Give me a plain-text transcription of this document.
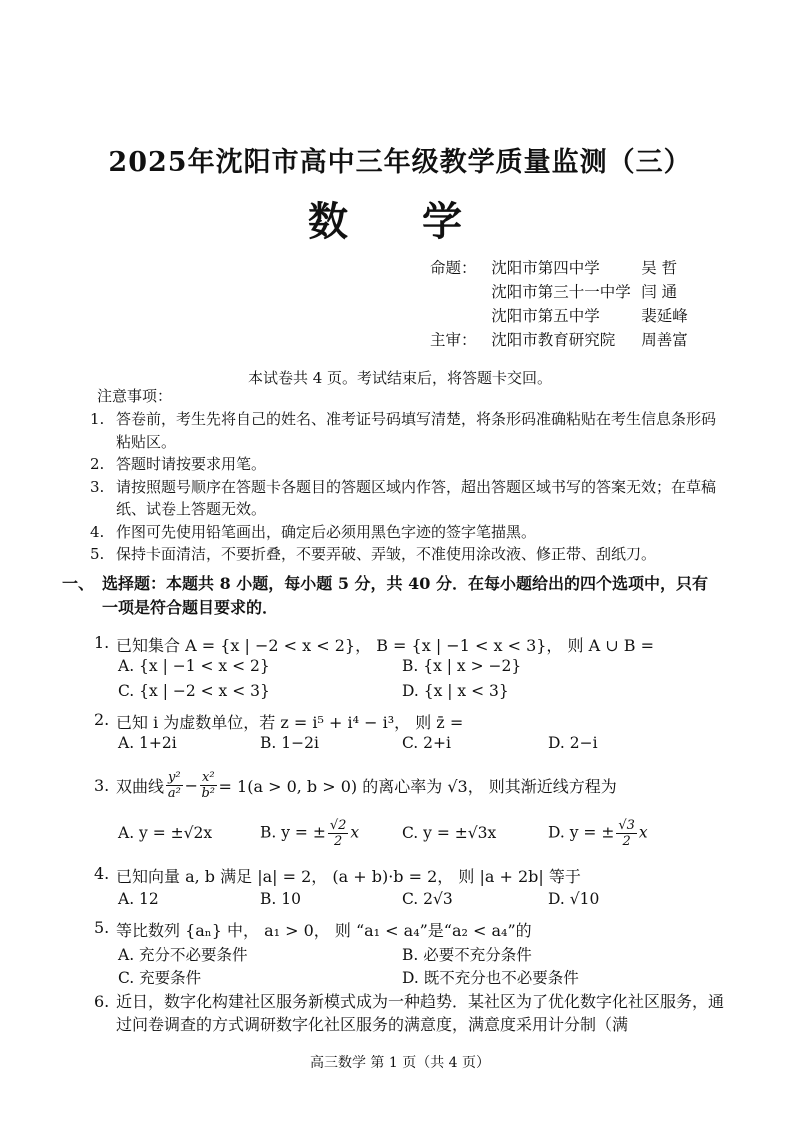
2025年沈阳市高中三年级教学质量监测（三）
数 学
命题： 沈阳市第四中学	吴 哲
沈阳市第三十一中学 闫 通
沈阳市第五中学	裴延峰
主审： 沈阳市教育研究院	周善富
本试卷共 4 页。考试结束后，将答题卡交回。
注意事项：
1. 答卷前，考生先将自己的姓名、准考证号码填写清楚，将条形码准确粘贴在考生信息条形码粘贴区。
2. 答题时请按要求用笔。
3. 请按照题号顺序在答题卡各题目的答题区域内作答，超出答题区域书写的答案无效；在草稿纸、试卷上答题无效。
4. 作图可先使用铅笔画出，确定后必须用黑色字迹的签字笔描黑。
5. 保持卡面清洁，不要折叠，不要弄破、弄皱，不准使用涂改液、修正带、刮纸刀。
一、 选择题：本题共 8 小题，每小题 5 分，共 40 分．在每小题给出的四个选项中，只有一项是符合题目要求的．
1. 已知集合 A = {x | −2 < x < 2}， B = {x | −1 < x < 3}， 则 A ∪ B =
A. {x | −1 < x < 2}	B. {x | x > −2}
C. {x | −2 < x < 3}	D. {x | x < 3}
2. 已知 i 为虚数单位，若 z = i⁵ + i⁴ − i³， 则 z̄ =
A. 1+2i	B. 1−2i	C. 2+i	D. 2−i
3. 双曲线 $\frac{\text{y²}}{\text{a²}} - \frac{\text{x²}}{\text{b²}} = 1(a > 0$, b > 0) 的离心率为 √3， 则其渐近线方程为
A. y = ±√2x	B. y = ± $\frac{√2}{2}$ x	C. y = ±√3x	D. y = ± $\frac{√3}{2}$ x
4. 已知向量 a, b 满足 |a| = 2， (a + b)·b = 2， 则 |a + 2b| 等于
A. 12	B. 10	C. 2√3	D. √10
5. 等比数列 {aₙ} 中， a₁ > 0， 则 “a₁ < a₄”是“a₂ < a₄”的
A. 充分不必要条件	B. 必要不充分条件
C. 充要条件	D. 既不充分也不必要条件
6. 近日，数字化构建社区服务新模式成为一种趋势．某社区为了优化数字化社区服务，通过问卷调查的方式调研数字化社区服务的满意度，满意度采用计分制（满
高三数学 第 1 页（共 4 页）
